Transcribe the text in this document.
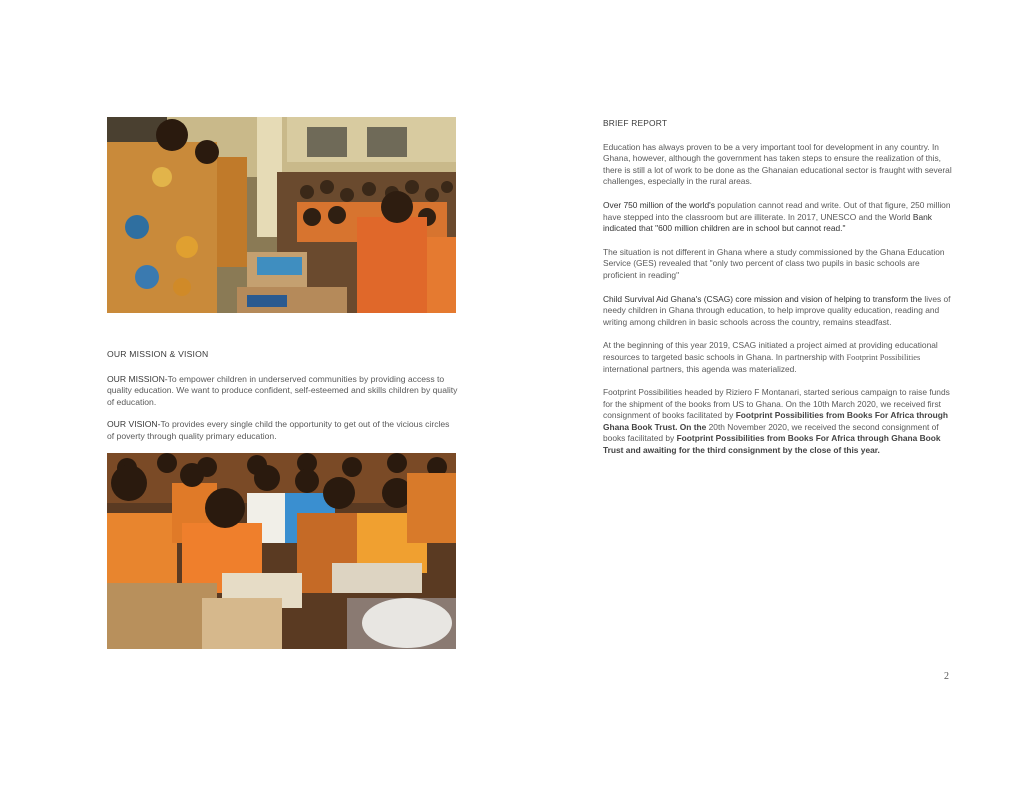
OUR MISSION & VISION

OUR MISSION-To empower children in underserved communities by providing access to quality education. We want to produce confident, self-esteemed and skills children by quality of education.

OUR VISION-To provides every single child the opportunity to get out of the vicious circles of poverty through quality primary education.

BRIEF REPORT

Education has always proven to be a very important tool for development in any country. In Ghana, however, although the government has taken steps to ensure the realization of this, there is still a lot of work to be done as the Ghanaian educational sector is fraught with several challenges, especially in the rural areas.

Over 750 million of the world's population cannot read and write. Out of that figure, 250 million have stepped into the classroom but are illiterate. In 2017, UNESCO and the World Bank indicated that "600 million children are in school but cannot read."

The situation is not different in Ghana where a study commissioned by the Ghana Education Service (GES) revealed that "only two percent of class two pupils in basic schools are proficient in reading"

Child Survival Aid Ghana's (CSAG) core mission and vision of helping to transform the lives of needy children in Ghana through education, to help improve quality education, reading and writing among children in basic schools across the country, remains steadfast.

At the beginning of this year 2019, CSAG initiated a project aimed at providing educational resources to targeted basic schools in Ghana. In partnership with Footprint Possibilities international partners, this agenda was materialized.

Footprint Possibilities headed by Riziero F Montanari, started serious campaign to raise funds for the shipment of the books from US to Ghana. On the 10th March 2020, we received first consignment of books facilitated by Footprint Possibilities from Books For Africa through Ghana Book Trust. On the 20th November 2020, we received the second consignment of books facilitated by Footprint Possibilities from Books For Africa through Ghana Book Trust and awaiting for the third consignment by the close of this year.

2
